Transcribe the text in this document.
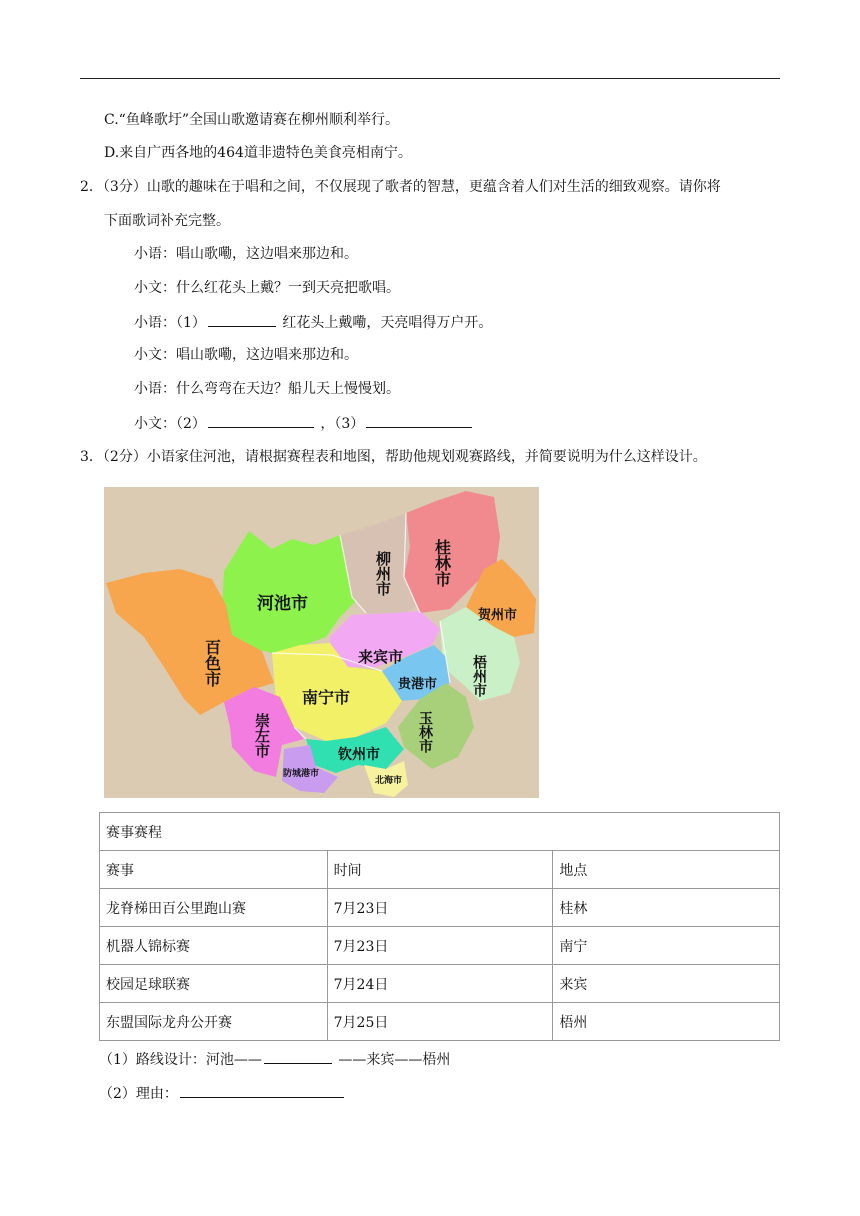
C.“鱼峰歌圩”全国山歌邀请赛在柳州顺利举行。
D.来自广西各地的464道非遗特色美食亮相南宁。
2．（3分）山歌的趣味在于唱和之间，不仅展现了歌者的智慧，更蕴含着人们对生活的细致观察。请你将
下面歌词补充完整。
小语：唱山歌嘞，这边唱来那边和。
小文：什么红花头上戴？一到天亮把歌唱。
小语：（1）	红花头上戴嘞，天亮唱得万户开。
小文：唱山歌嘞，这边唱来那边和。
小语：什么弯弯在天边？船儿天上慢慢划。
小文：（2）	，（3）
3．（2分）小语家住河池，请根据赛程表和地图，帮助他规划观赛路线，并简要说明为什么这样设计。
河池市
百色市
柳州市	桂林市
贺州市
来宾市	梧州市
贵港市
南宁市
崇左市	玉林市
钦州市
防城港市
北海市
赛事赛程		
赛事	时间	地点
龙脊梯田百公里跑山赛	7月23日	桂林
机器人锦标赛	7月23日	南宁
校园足球联赛	7月24日	来宾
东盟国际龙舟公开赛	7月25日	梧州
（1）路线设计：河池——	——来宾——梧州
（2）理由：
